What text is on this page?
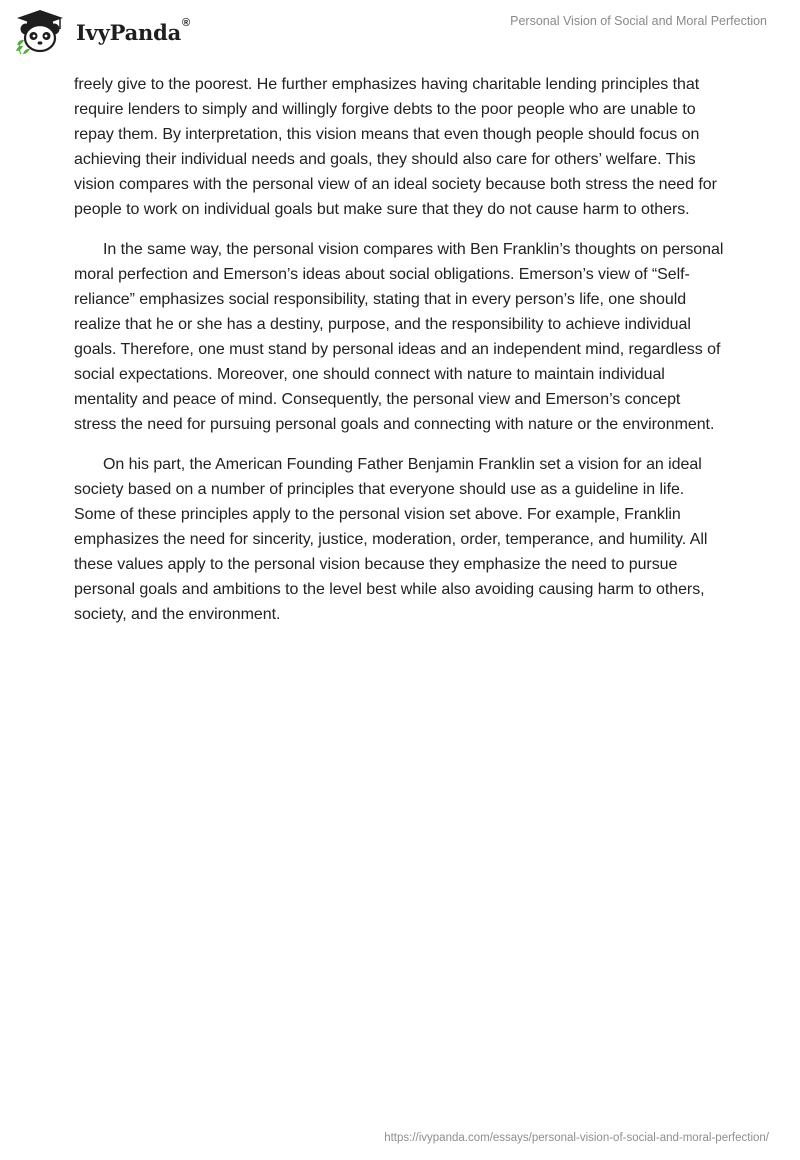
IvyPanda®	Personal Vision of Social and Moral Perfection

freely give to the poorest. He further emphasizes having charitable lending principles that require lenders to simply and willingly forgive debts to the poor people who are unable to repay them. By interpretation, this vision means that even though people should focus on achieving their individual needs and goals, they should also care for others’ welfare. This vision compares with the personal view of an ideal society because both stress the need for people to work on individual goals but make sure that they do not cause harm to others.

In the same way, the personal vision compares with Ben Franklin’s thoughts on personal moral perfection and Emerson’s ideas about social obligations. Emerson’s view of “Self-reliance” emphasizes social responsibility, stating that in every person’s life, one should realize that he or she has a destiny, purpose, and the responsibility to achieve individual goals. Therefore, one must stand by personal ideas and an independent mind, regardless of social expectations. Moreover, one should connect with nature to maintain individual mentality and peace of mind. Consequently, the personal view and Emerson’s concept stress the need for pursuing personal goals and connecting with nature or the environment.

On his part, the American Founding Father Benjamin Franklin set a vision for an ideal society based on a number of principles that everyone should use as a guideline in life. Some of these principles apply to the personal vision set above. For example, Franklin emphasizes the need for sincerity, justice, moderation, order, temperance, and humility. All these values apply to the personal vision because they emphasize the need to pursue personal goals and ambitions to the level best while also avoiding causing harm to others, society, and the environment.

https://ivypanda.com/essays/personal-vision-of-social-and-moral-perfection/
